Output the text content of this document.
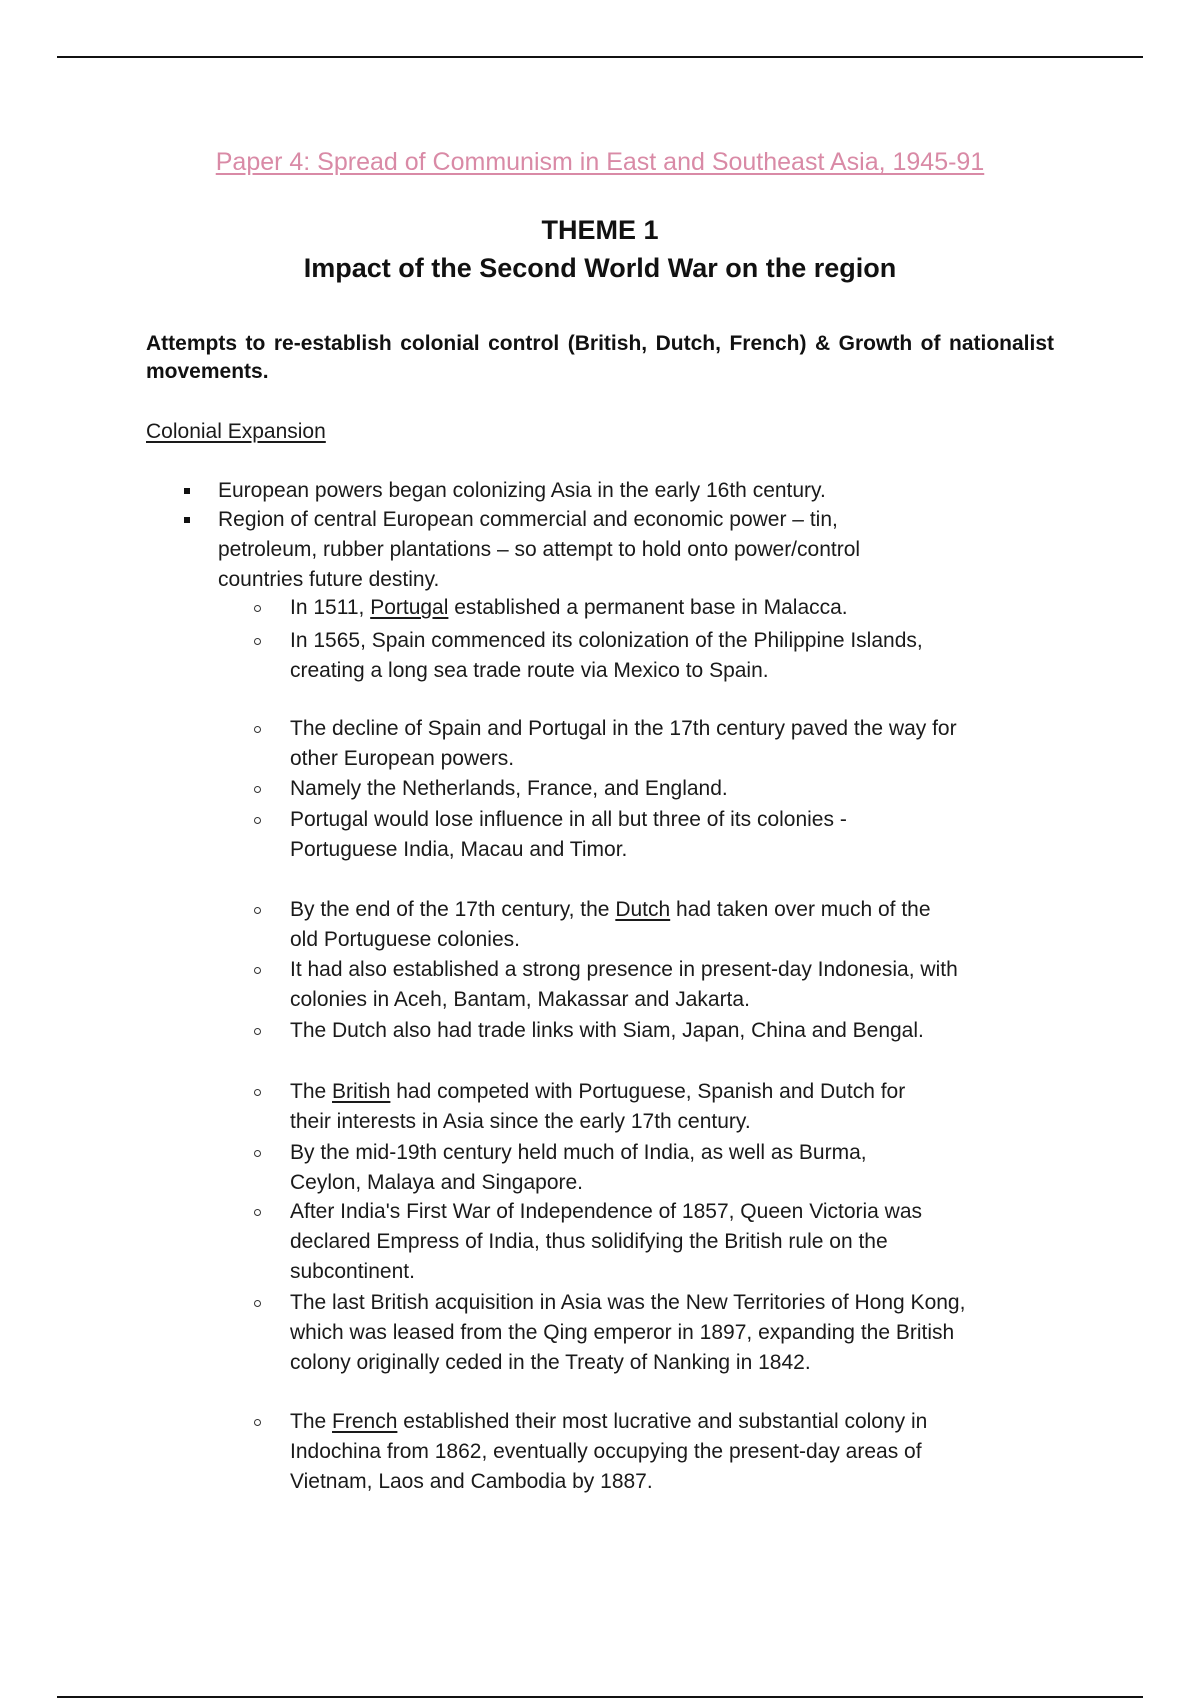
Paper 4: Spread of Communism in East and Southeast Asia, 1945-91
THEME 1
Impact of the Second World War on the region
Attempts to re-establish colonial control (British, Dutch, French) & Growth of nationalist movements.
Colonial Expansion
European powers began colonizing Asia in the early 16th century.
Region of central European commercial and economic power – tin, petroleum, rubber plantations – so attempt to hold onto power/control countries future destiny.
In 1511, Portugal established a permanent base in Malacca.
In 1565, Spain commenced its colonization of the Philippine Islands, creating a long sea trade route via Mexico to Spain.
The decline of Spain and Portugal in the 17th century paved the way for other European powers.
Namely the Netherlands, France, and England.
Portugal would lose influence in all but three of its colonies - Portuguese India, Macau and Timor.
By the end of the 17th century, the Dutch had taken over much of the old Portuguese colonies.
It had also established a strong presence in present-day Indonesia, with colonies in Aceh, Bantam, Makassar and Jakarta.
The Dutch also had trade links with Siam, Japan, China and Bengal.
The British had competed with Portuguese, Spanish and Dutch for their interests in Asia since the early 17th century.
By the mid-19th century held much of India, as well as Burma, Ceylon, Malaya and Singapore.
After India's First War of Independence of 1857, Queen Victoria was declared Empress of India, thus solidifying the British rule on the subcontinent.
The last British acquisition in Asia was the New Territories of Hong Kong, which was leased from the Qing emperor in 1897, expanding the British colony originally ceded in the Treaty of Nanking in 1842.
The French established their most lucrative and substantial colony in Indochina from 1862, eventually occupying the present-day areas of Vietnam, Laos and Cambodia by 1887.
